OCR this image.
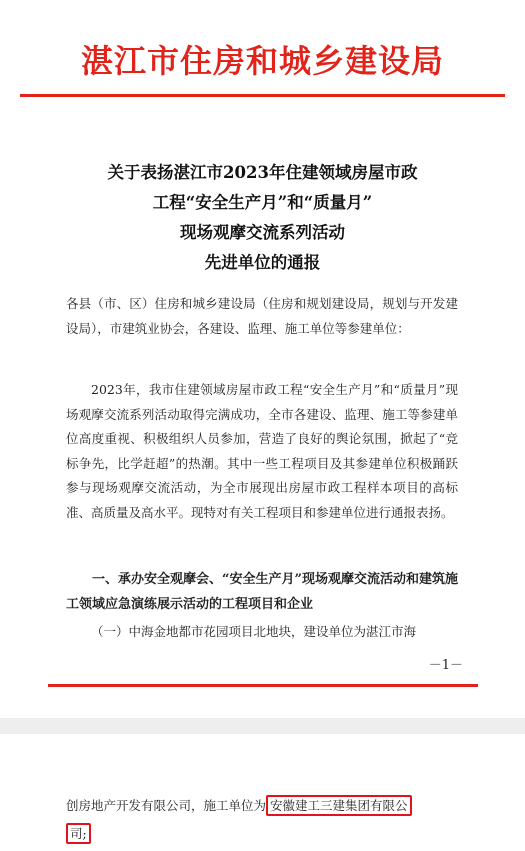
湛江市住房和城乡建设局
关于表扬湛江市2023年住建领域房屋市政
工程“安全生产月”和“质量月”
现场观摩交流系列活动
先进单位的通报
各县（市、区）住房和城乡建设局（住房和规划建设局，规划与开发建设局），市建筑业协会，各建设、监理、施工单位等参建单位：
2023年，我市住建领域房屋市政工程“安全生产月”和“质量月”现场观摩交流系列活动取得完满成功，全市各建设、监理、施工等参建单位高度重视、积极组织人员参加，营造了良好的舆论氛围，掀起了“竞标争先，比学赶超”的热潮。其中一些工程项目及其参建单位积极踊跃参与现场观摩交流活动，为全市展现出房屋市政工程样本项目的高标准、高质量及高水平。现特对有关工程项目和参建单位进行通报表扬。
一、承办安全观摩会、“安全生产月”现场观摩交流活动和建筑施工领域应急演练展示活动的工程项目和企业
（一）中海金地都市花园项目北地块，建设单位为湛江市海
－1－
创房地产开发有限公司，施工单位为 安徽建工三建集团有限公
司;
